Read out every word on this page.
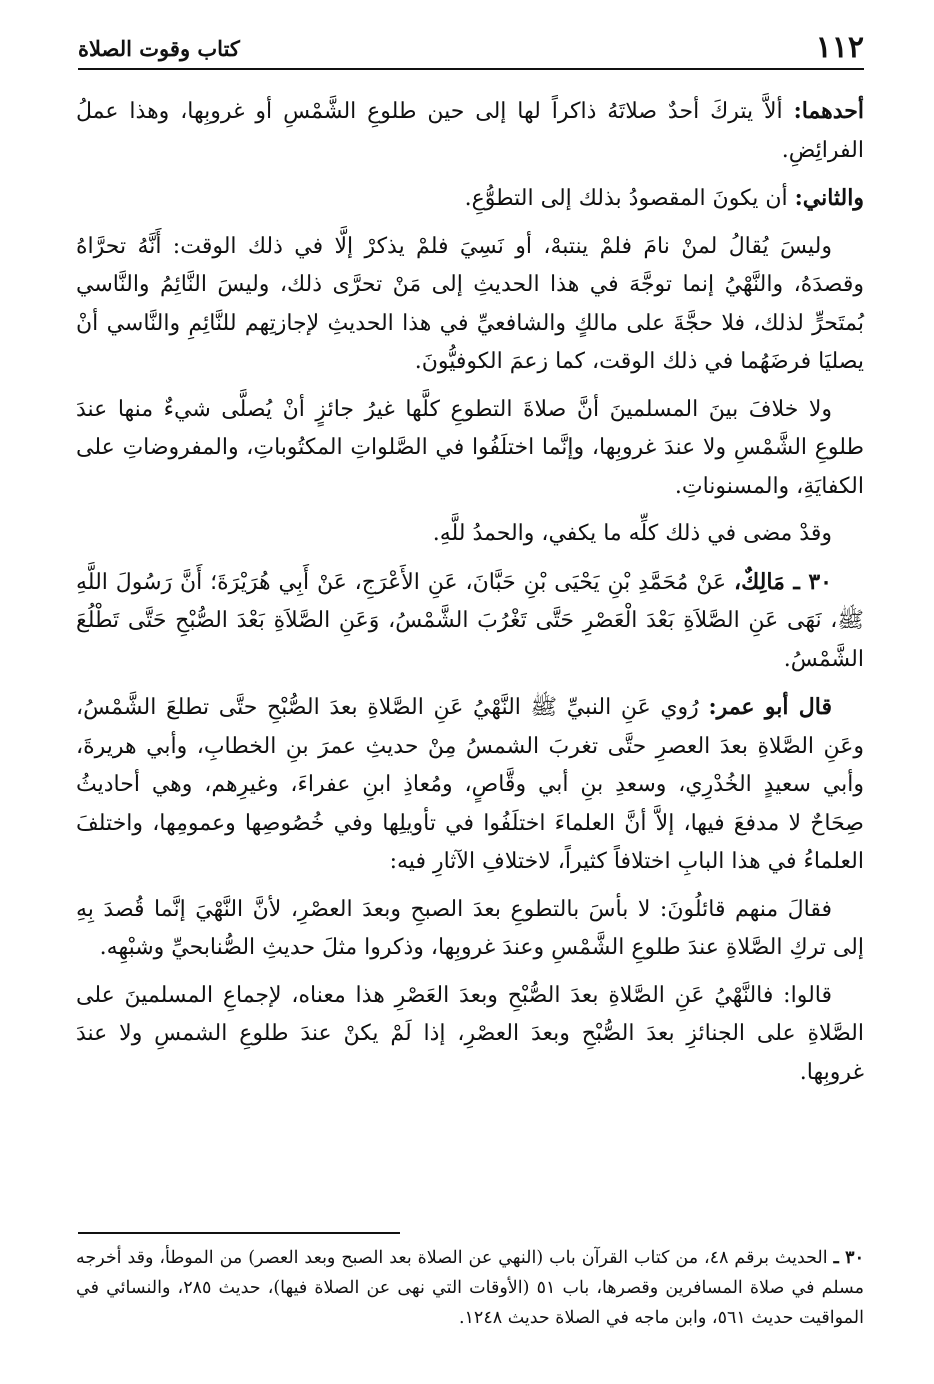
١١٢
كتاب وقوت الصلاة

أحدهما: ألاَّ يتركَ أحدٌ صلاتَهُ ذاكراً لها إلى حين طلوعِ الشَّمْسِ أو غروبِها، وهذا عملُ الفرائِضِ.

والثاني: أن يكونَ المقصودُ بذلك إلى التطوُّعِ.

وليسَ يُقالُ لمنْ نامَ فلمْ ينتبهْ، أو نَسِيَ فلمْ يذكرْ إلَّا في ذلك الوقت: أَنَّهُ تحرَّاهُ وقصدَهُ، والنَّهْيُ إنما توجَّهَ في هذا الحديثِ إلى مَنْ تحرَّى ذلك، وليسَ النَّائِمُ والنَّاسي بُمتَحرٍّ لذلك، فلا حجَّةَ على مالكٍ والشافعيِّ في هذا الحديثِ لإجازتِهم للنَّائِمِ والنَّاسي أنْ يصليَا فرضَهُما في ذلك الوقت، كما زعمَ الكوفيُّونَ.

ولا خلافَ بينَ المسلمينَ أنَّ صلاةَ التطوعِ كلَّها غيرُ جائزٍ أنْ يُصلَّى شيءٌ منها عندَ طلوعِ الشَّمْسِ ولا عندَ غروبِها، وإنَّما اختلَفُوا في الصَّلواتِ المكتُوباتِ، والمفروضاتِ على الكفايَةِ، والمسنوناتِ.

وقدْ مضى في ذلك كلِّه ما يكفي، والحمدُ للَّهِ.

٣٠ ـ مَالِكٌ، عَنْ مُحَمَّدِ بْنِ يَحْيَى بْنِ حَبَّانَ، عَنِ الأَعْرَجِ، عَنْ أَبِي هُرَيْرَةَ؛ أَنَّ رَسُولَ اللَّهِ ﷺ، نَهَى عَنِ الصَّلاَةِ بَعْدَ الْعَصْرِ حَتَّى تَغْرُبَ الشَّمْسُ، وَعَنِ الصَّلاَةِ بَعْدَ الصُّبْحِ حَتَّى تَطْلُعَ الشَّمْسُ.

قال أبو عمر: رُوي عَنِ النبيِّ ﷺ النَّهْيُ عَنِ الصَّلاةِ بعدَ الصُّبْحِ حتَّى تطلعَ الشَّمْسُ، وعَنِ الصَّلاةِ بعدَ العصرِ حتَّى تغربَ الشمسُ مِنْ حديثِ عمرَ بنِ الخطابِ، وأبي هريرةَ، وأبي سعيدٍ الخُدْرِي، وسعدِ بنِ أبي وقَّاصٍ، ومُعاذِ ابنِ عفراءَ، وغيرِهم، وهي أحاديثُ صِحَاحٌ لا مدفعَ فيها، إلاَّ أنَّ العلماءَ اختلَفُوا في تأويلِها وفي خُصُوصِها وعمومِها، واختلفَ العلماءُ في هذا البابِ اختلافاً كثيراً، لاختلافِ الآثارِ فيه:

فقالَ منهم قائلُونَ: لا بأسَ بالتطوعِ بعدَ الصبحِ وبعدَ العصْرِ، لأنَّ النَّهْيَ إنَّما قُصدَ بِهِ إلى تركِ الصَّلاةِ عندَ طلوعِ الشَّمْسِ وعندَ غروبِها، وذكروا مثلَ حديثِ الصُّنابحيِّ وشبْهِه.

قالوا: فالنَّهْيُ عَنِ الصَّلاةِ بعدَ الصُّبْحِ وبعدَ العَصْرِ هذا معناه، لإجماعِ المسلمينَ على الصَّلاةِ على الجنائزِ بعدَ الصُّبْحِ وبعدَ العصْرِ، إذا لَمْ يكنْ عندَ طلوعِ الشمسِ ولا عندَ غروبِها.

٣٠ ـ الحديث برقم ٤٨، من كتاب القرآن باب (النهي عن الصلاة بعد الصبح وبعد العصر) من الموطأ، وقد أخرجه مسلم في صلاة المسافرين وقصرها، باب ٥١ (الأوقات التي نهى عن الصلاة فيها)، حديث ٢٨٥، والنسائي في المواقيت حديث ٥٦١، وابن ماجه في الصلاة حديث ١٢٤٨.
